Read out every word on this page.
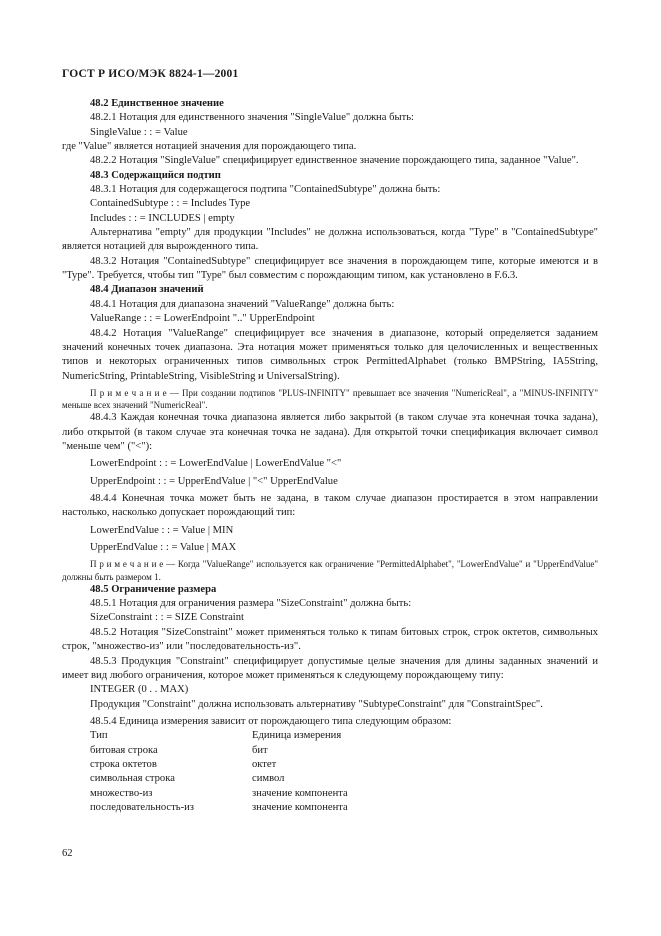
ГОСТ Р ИСО/МЭК 8824-1—2001

48.2 Единственное значение

48.2.1 Нотация для единственного значения "SingleValue" должна быть:

SingleValue : : = Value

где "Value" является нотацией значения для порождающего типа.

48.2.2 Нотация "SingleValue" специфицирует единственное значение порождающего типа, заданное "Value".

48.3 Содержащийся подтип

48.3.1 Нотация для содержащегося подтипа "ContainedSubtype" должна быть:

ContainedSubtype : : = Includes Type

Includes : : = INCLUDES | empty

Альтернатива "empty" для продукции "Includes" не должна использоваться, когда "Type" в "ContainedSubtype" является нотацией для вырожденного типа.

48.3.2 Нотация "ContainedSubtype" специфицирует все значения в порождающем типе, которые имеются и в "Type". Требуется, чтобы тип "Type" был совместим с порождающим типом, как установлено в F.6.3.

48.4 Диапазон значений

48.4.1 Нотация для диапазона значений "ValueRange" должна быть:

ValueRange : : = LowerEndpoint ".." UpperEndpoint

48.4.2 Нотация "ValueRange" специфицирует все значения в диапазоне, который определяется заданием значений конечных точек диапазона. Эта нотация может применяться только для целочисленных и вещественных типов и некоторых ограниченных типов символьных строк PermittedAlphabet (только BMPString, IA5String, NumericString, PrintableString, VisibleString и UniversalString).

П р и м е ч а н и е — При создании подтипов "PLUS-INFINITY" превышает все значения "NumericReal", а "MINUS-INFINITY" меньше всех значений "NumericReal".

48.4.3 Каждая конечная точка диапазона является либо закрытой (в таком случае эта конечная точка задана), либо открытой (в таком случае эта конечная точка не задана). Для открытой точки спецификация включает символ "меньше чем" ("<"):

LowerEndpoint : : = LowerEndValue | LowerEndValue "<"

UpperEndpoint : : = UpperEndValue | "<" UpperEndValue

48.4.4 Конечная точка может быть не задана, в таком случае диапазон простирается в этом направлении настолько, насколько допускает порождающий тип:

LowerEndValue : : = Value | MIN

UpperEndValue : : = Value | MAX

П р и м е ч а н и е — Когда "ValueRange" используется как ограничение "PermittedAlphabet", "LowerEndValue" и "UpperEndValue" должны быть размером 1.

48.5 Ограничение размера

48.5.1 Нотация для ограничения размера "SizeConstraint" должна быть:

SizeConstraint : : = SIZE Constraint

48.5.2 Нотация "SizeConstraint" может применяться только к типам битовых строк, строк октетов, символьных строк, "множество-из" или "последовательность-из".

48.5.3 Продукция "Constraint" специфицирует допустимые целые значения для длины заданных значений и имеет вид любого ограничения, которое может применяться к следующему порождающему типу:

INTEGER (0 . . MAX)

Продукция "Constraint" должна использовать альтернативу "SubtypeConstraint" для "ConstraintSpec".

48.5.4 Единица измерения зависит от порождающего типа следующим образом:

Тип	Единица измерения
битовая строка	бит
строка октетов	октет
символьная строка	символ
множество-из	значение компонента
последовательность-из	значение компонента
62
